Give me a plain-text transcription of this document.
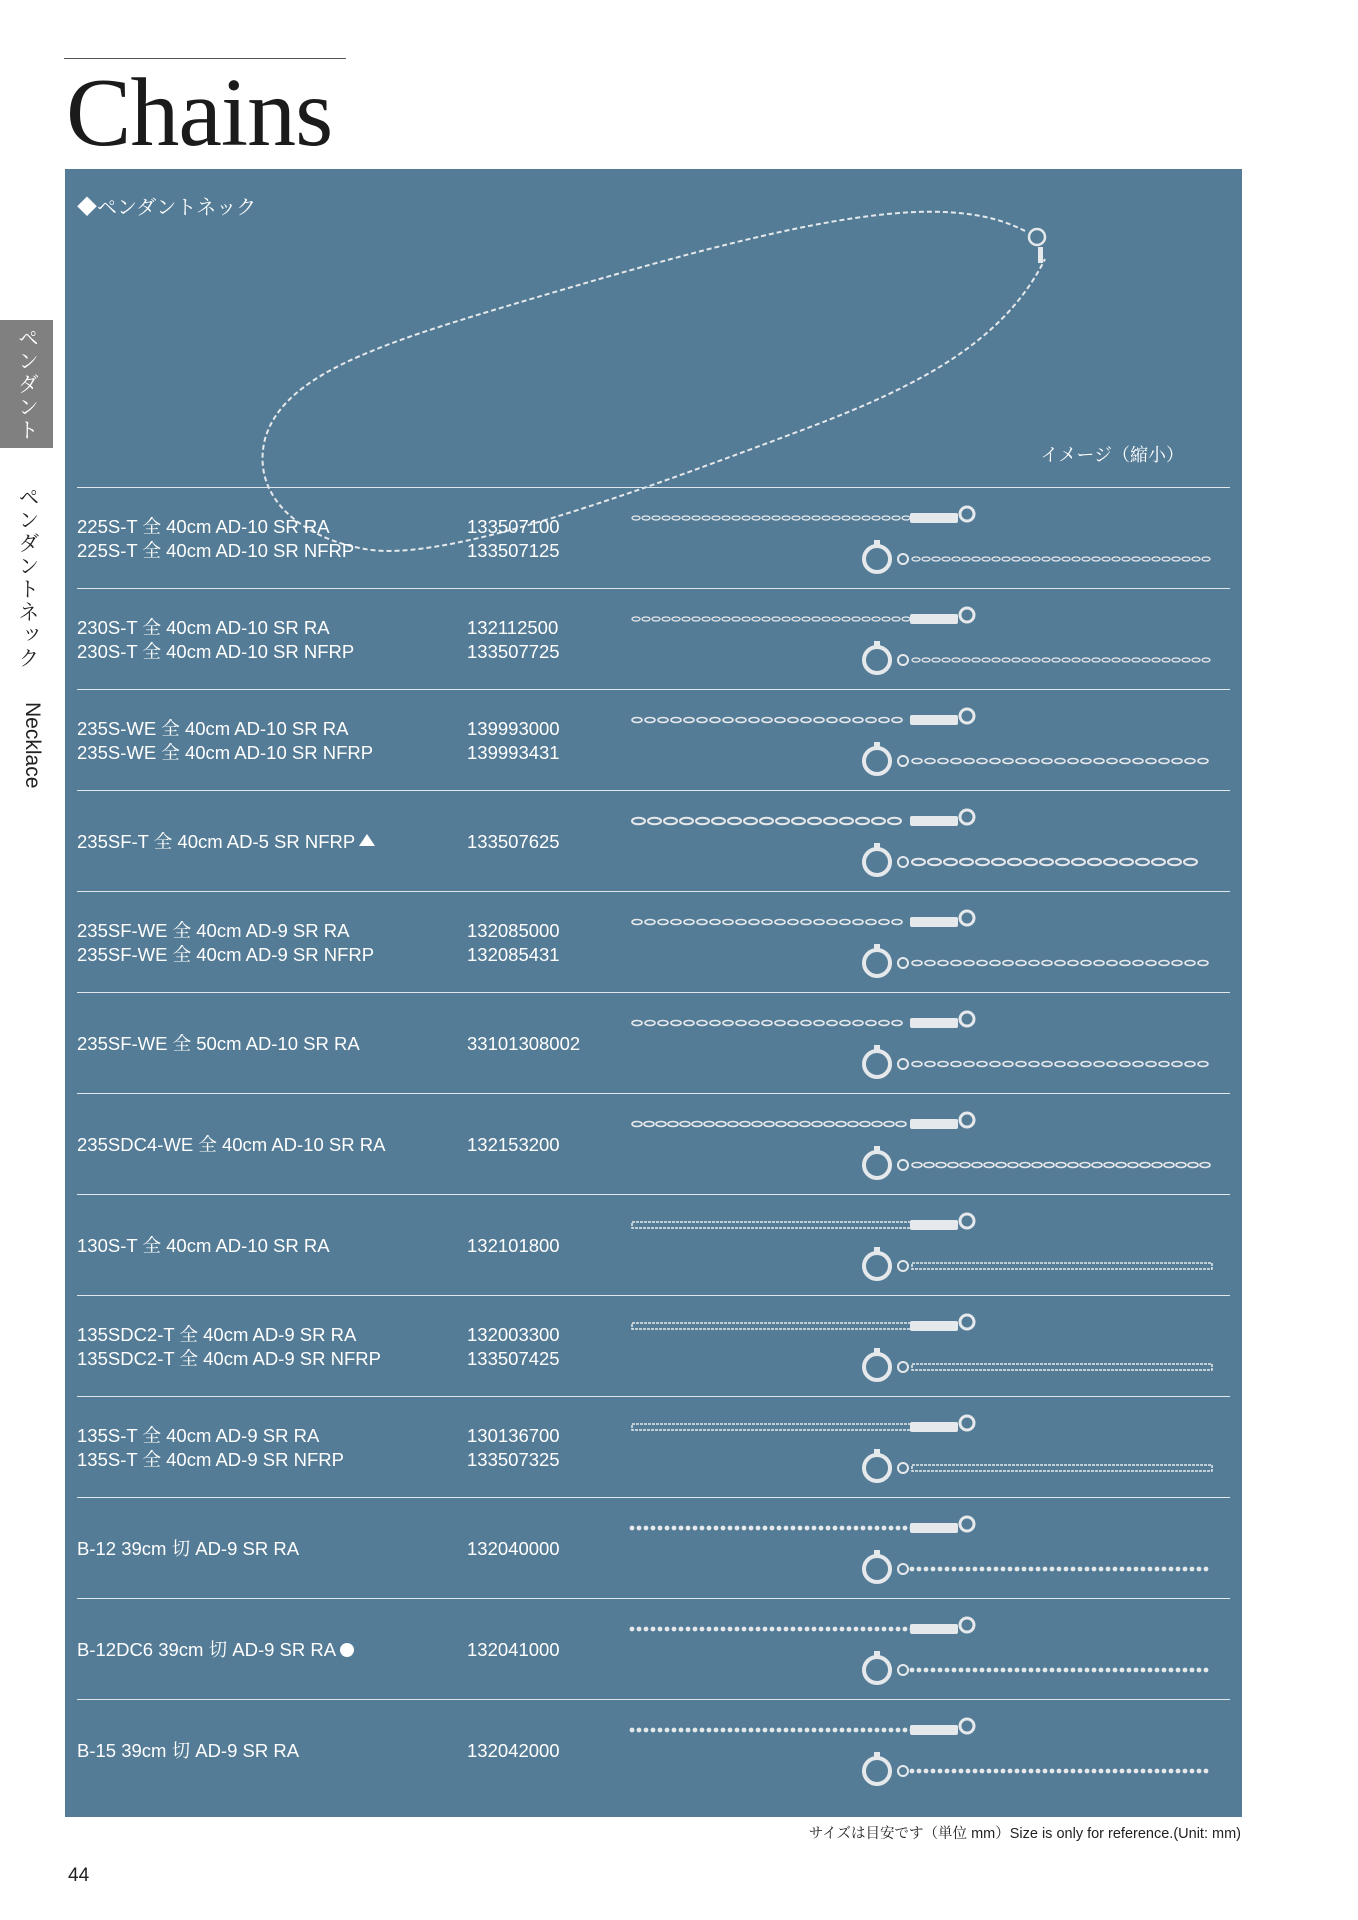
Chains
ペンダント
ペンダントネック
Necklace
◆ペンダントネック
イメージ（縮小）
225S-T 全 40cm AD-10 SR RA	133507100
225S-T 全 40cm AD-10 SR NFRP	133507125
230S-T 全 40cm AD-10 SR RA	132112500
230S-T 全 40cm AD-10 SR NFRP	133507725
235S-WE 全 40cm AD-10 SR RA	139993000
235S-WE 全 40cm AD-10 SR NFRP	139993431
235SF-T 全 40cm AD-5 SR NFRP	133507625
235SF-WE 全 40cm AD-9 SR RA	132085000
235SF-WE 全 40cm AD-9 SR NFRP	132085431
235SF-WE 全 50cm AD-10 SR RA	33101308002
235SDC4-WE 全 40cm AD-10 SR RA	132153200
130S-T 全 40cm AD-10 SR RA	132101800
135SDC2-T 全 40cm AD-9 SR RA	132003300
135SDC2-T 全 40cm AD-9 SR NFRP	133507425
135S-T 全 40cm AD-9 SR RA	130136700
135S-T 全 40cm AD-9 SR NFRP	133507325
B-12 39cm 切 AD-9 SR RA	132040000
B-12DC6 39cm 切 AD-9 SR RA	132041000
B-15 39cm 切 AD-9 SR RA	132042000
サイズは目安です（単位 mm）Size is only for reference.(Unit: mm)
44
